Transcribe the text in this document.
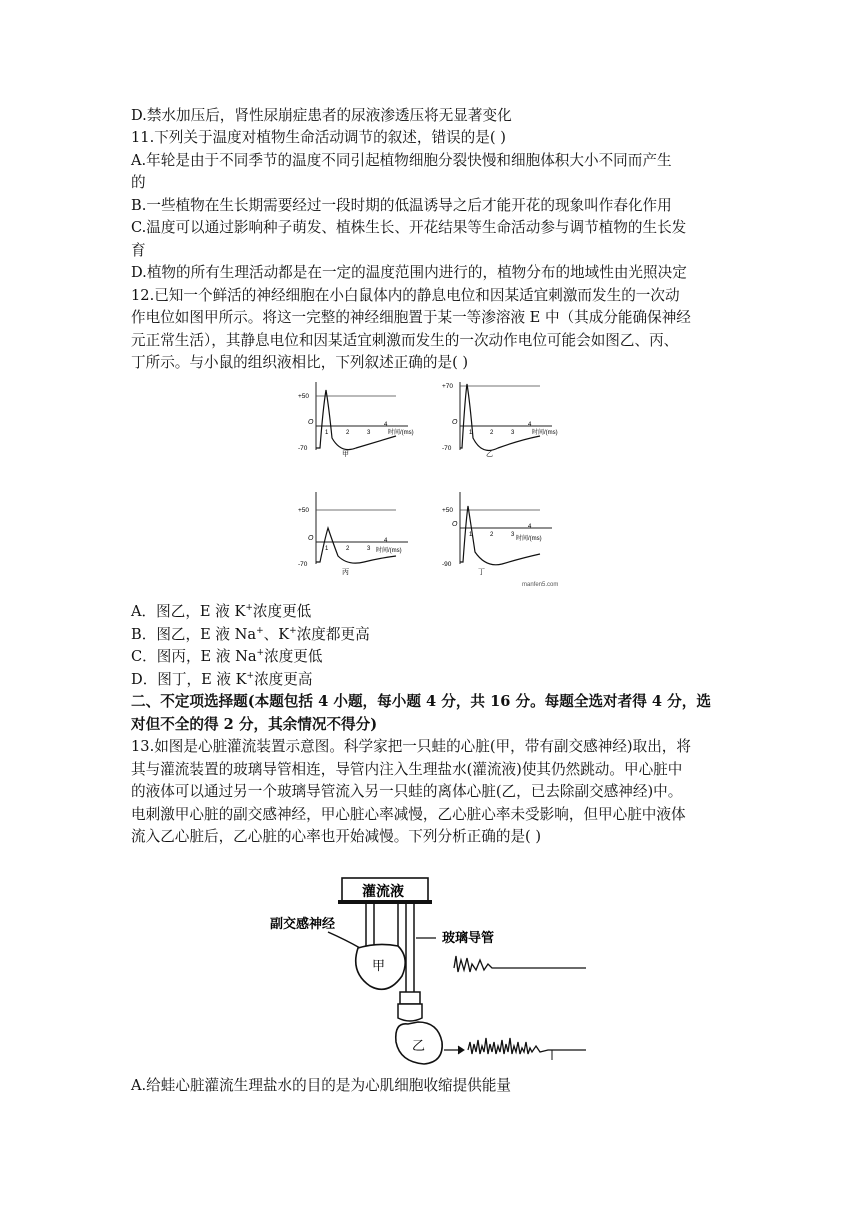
D.禁水加压后，肾性尿崩症患者的尿液渗透压将无显著变化
11.下列关于温度对植物生命活动调节的叙述，错误的是( )
A.年轮是由于不同季节的温度不同引起植物细胞分裂快慢和细胞体积大小不同而产生
的
B.一些植物在生长期需要经过一段时期的低温诱导之后才能开花的现象叫作春化作用
C.温度可以通过影响种子萌发、植株生长、开花结果等生命活动参与调节植物的生长发
育
D.植物的所有生理活动都是在一定的温度范围内进行的，植物分布的地域性由光照决定
12.已知一个鲜活的神经细胞在小白鼠体内的静息电位和因某适宜刺激而发生的一次动
作电位如图甲所示。将这一完整的神经细胞置于某一等渗溶液 E 中（其成分能确保神经
元正常生活），其静息电位和因某适宜刺激而发生的一次动作电位可能会如图乙、丙、
丁所示。与小鼠的组织液相比，下列叙述正确的是( )
+50
O
-70
1	2	3
4
时间/(ms)
甲
+70
O
-70
1	2	3
4
时间/(ms)
乙
+50
O
-70
1	2	3
4
时间/(ms)
丙
+50
O
-90
1	2	3
4
时间/(ms)
丁
manfen5.com
A．图乙，E 液 K+浓度更低
B．图乙，E 液 Na+、K+浓度都更高
C．图丙，E 液 Na+浓度更低
D．图丁，E 液 K+浓度更高
二、不定项选择题(本题包括 4 小题，每小题 4 分，共 16 分。每题全选对者得 4 分，选
对但不全的得 2 分，其余情况不得分)
13.如图是心脏灌流装置示意图。科学家把一只蛙的心脏(甲，带有副交感神经)取出，将
其与灌流装置的玻璃导管相连，导管内注入生理盐水(灌流液)使其仍然跳动。甲心脏中
的液体可以通过另一个玻璃导管流入另一只蛙的离体心脏(乙，已去除副交感神经)中。
电刺激甲心脏的副交感神经，甲心脏心率减慢，乙心脏心率未受影响，但甲心脏中液体
流入乙心脏后，乙心脏的心率也开始减慢。下列分析正确的是( )
灌流液
副交感神经
玻璃导管
甲
乙
A.给蛙心脏灌流生理盐水的目的是为心肌细胞收缩提供能量
